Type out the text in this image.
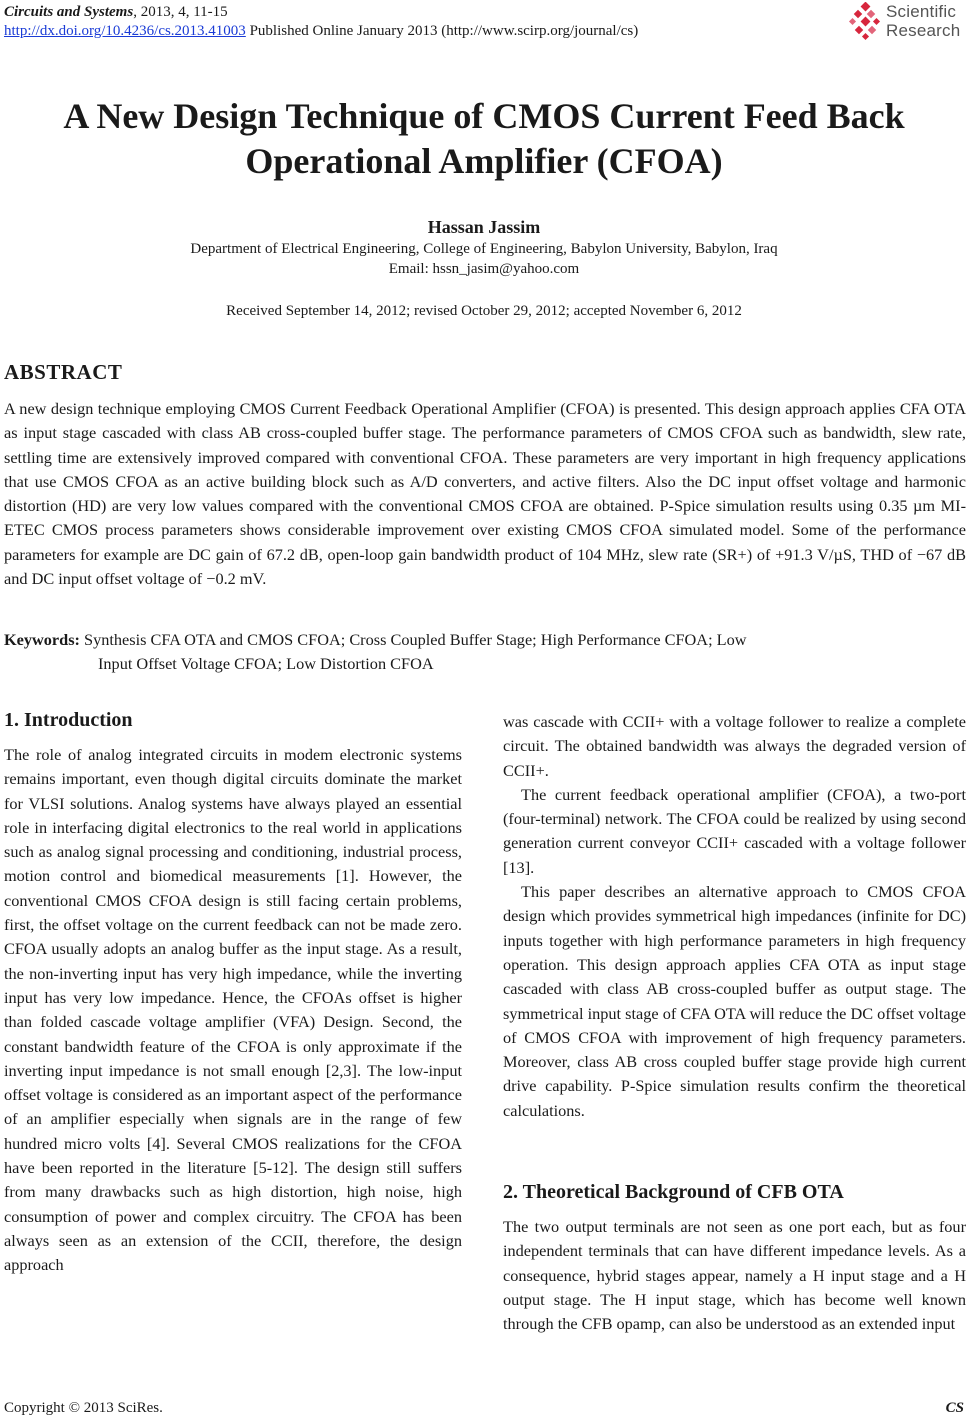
Circuits and Systems, 2013, 4, 11-15
http://dx.doi.org/10.4236/cs.2013.41003 Published Online January 2013 (http://www.scirp.org/journal/cs)
Scientific
Research
A New Design Technique of CMOS Current Feed Back
Operational Amplifier (CFOA)
Hassan Jassim
Department of Electrical Engineering, College of Engineering, Babylon University, Babylon, Iraq
Email: hssn_jasim@yahoo.com
Received September 14, 2012; revised October 29, 2012; accepted November 6, 2012
ABSTRACT

A new design technique employing CMOS Current Feedback Operational Amplifier (CFOA) is presented. This design approach applies CFA OTA as input stage cascaded with class AB cross-coupled buffer stage. The performance parameters of CMOS CFOA such as bandwidth, slew rate, settling time are extensively improved compared with conventional CFOA. These parameters are very important in high frequency applications that use CMOS CFOA as an active building block such as A/D converters, and active filters. Also the DC input offset voltage and harmonic distortion (HD) are very low values compared with the conventional CMOS CFOA are obtained. P-Spice simulation results using 0.35 µm MI-ETEC CMOS process parameters shows considerable improvement over existing CMOS CFOA simulated model. Some of the performance parameters for example are DC gain of 67.2 dB, open-loop gain bandwidth product of 104 MHz, slew rate (SR+) of +91.3 V/µS, THD of −67 dB and DC input offset voltage of −0.2 mV.

Keywords: Synthesis CFA OTA and CMOS CFOA; Cross Coupled Buffer Stage; High Performance CFOA; Low
Input Offset Voltage CFOA; Low Distortion CFOA
1. Introduction

The role of analog integrated circuits in modem electronic systems remains important, even though digital circuits dominate the market for VLSI solutions. Analog systems have always played an essential role in interfacing digital electronics to the real world in applications such as analog signal processing and conditioning, industrial process, motion control and biomedical measurements [1]. However, the conventional CMOS CFOA design is still facing certain problems, first, the offset voltage on the current feedback can not be made zero. CFOA usually adopts an analog buffer as the input stage. As a result, the non-inverting input has very high impedance, while the inverting input has very low impedance. Hence, the CFOAs offset is higher than folded cascade voltage amplifier (VFA) Design. Second, the constant bandwidth feature of the CFOA is only approximate if the inverting input impedance is not small enough [2,3]. The low-input offset voltage is considered as an important aspect of the performance of an amplifier especially when signals are in the range of few hundred micro volts [4]. Several CMOS realizations for the CFOA have been reported in the literature [5-12]. The design still suffers from many drawbacks such as high distortion, high noise, high consumption of power and complex circuitry. The CFOA has been always seen as an extension of the CCII, therefore, the design approach

was cascade with CCII+ with a voltage follower to realize a complete circuit. The obtained bandwidth was always the degraded version of CCII+.

The current feedback operational amplifier (CFOA), a two-port (four-terminal) network. The CFOA could be realized by using second generation current conveyor CCII+ cascaded with a voltage follower [13].

This paper describes an alternative approach to CMOS CFOA design which provides symmetrical high impedances (infinite for DC) inputs together with high performance parameters in high frequency operation. This design approach applies CFA OTA as input stage cascaded with class AB cross-coupled buffer as output stage. The symmetrical input stage of CFA OTA will reduce the DC offset voltage of CMOS CFOA with improvement of high frequency parameters. Moreover, class AB cross coupled buffer stage provide high current drive capability. P-Spice simulation results confirm the theoretical calculations.

2. Theoretical Background of CFB OTA

The two output terminals are not seen as one port each, but as four independent terminals that can have different impedance levels. As a consequence, hybrid stages appear, namely a H input stage and a H output stage. The H input stage, which has become well known through the CFB opamp, can also be understood as an extended input

Copyright © 2013 SciRes.	CS
